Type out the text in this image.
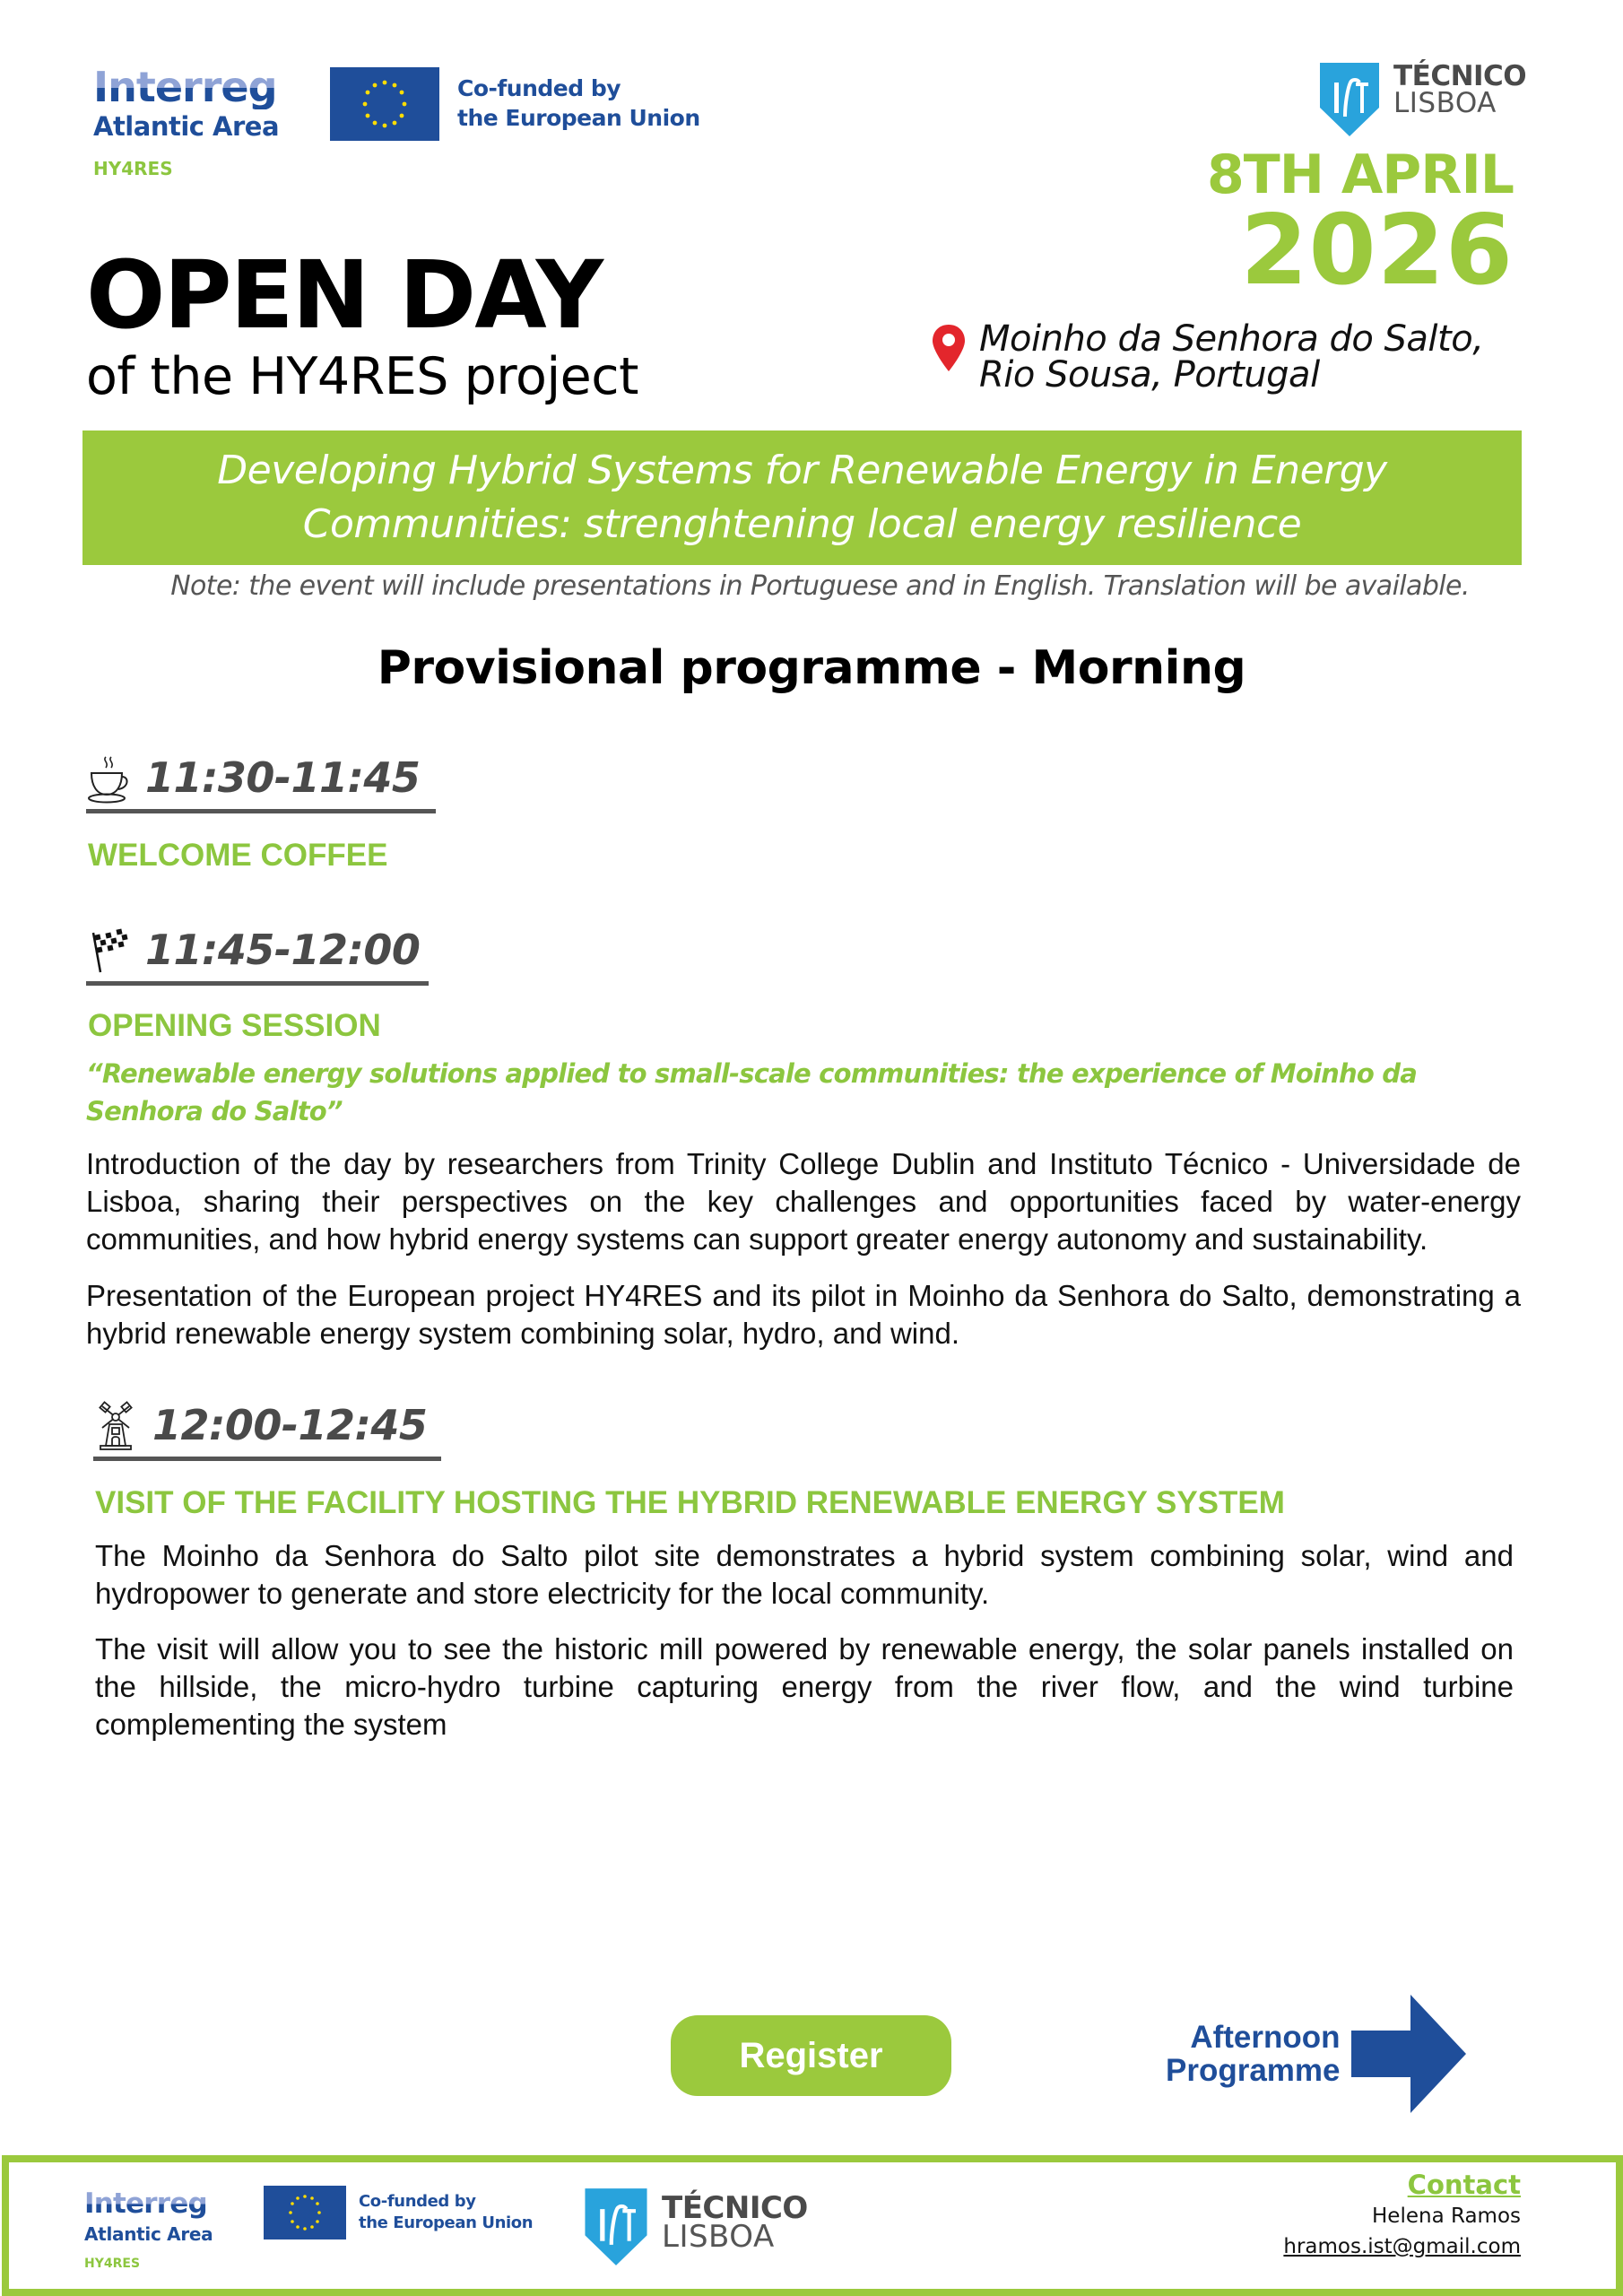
Interreg
Atlantic Area
HY4RES
Co-funded by
the European Union
TÉCNICO
LISBOA
8TH APRIL
2026
OPEN DAY
of the HY4RES project
Moinho da Senhora do Salto,
Rio Sousa, Portugal
Developing Hybrid Systems for Renewable Energy in Energy Communities: strenghtening local energy resilience
Note: the event will include presentations in Portuguese and in English. Translation will be available.
Provisional programme - Morning
11:30-11:45
WELCOME COFFEE
11:45-12:00
OPENING SESSION
“Renewable energy solutions applied to small-scale communities: the experience of Moinho da Senhora do Salto”
Introduction of the day by researchers from Trinity College Dublin and Instituto Técnico - Universidade de Lisboa, sharing their perspectives on the key challenges and opportunities faced by water-energy communities, and how hybrid energy systems can support greater energy autonomy and sustainability.
Presentation of the European project HY4RES and its pilot in Moinho da Senhora do Salto, demonstrating a hybrid renewable energy system combining solar, hydro, and wind.
12:00-12:45
VISIT OF THE FACILITY HOSTING THE HYBRID RENEWABLE ENERGY SYSTEM
The Moinho da Senhora do Salto pilot site demonstrates a hybrid system combining solar, wind and hydropower to generate and store electricity for the local community.
The visit will allow you to see the historic mill powered by renewable energy, the solar panels installed on the hillside, the micro-hydro turbine capturing energy from the river flow, and the wind turbine complementing the system
Register	Afternoon
Programme
Interreg
Atlantic Area
HY4RES
Co-funded by
the European Union	TÉCNICO
LISBOA
Contact
Helena Ramos
hramos.ist@gmail.com
